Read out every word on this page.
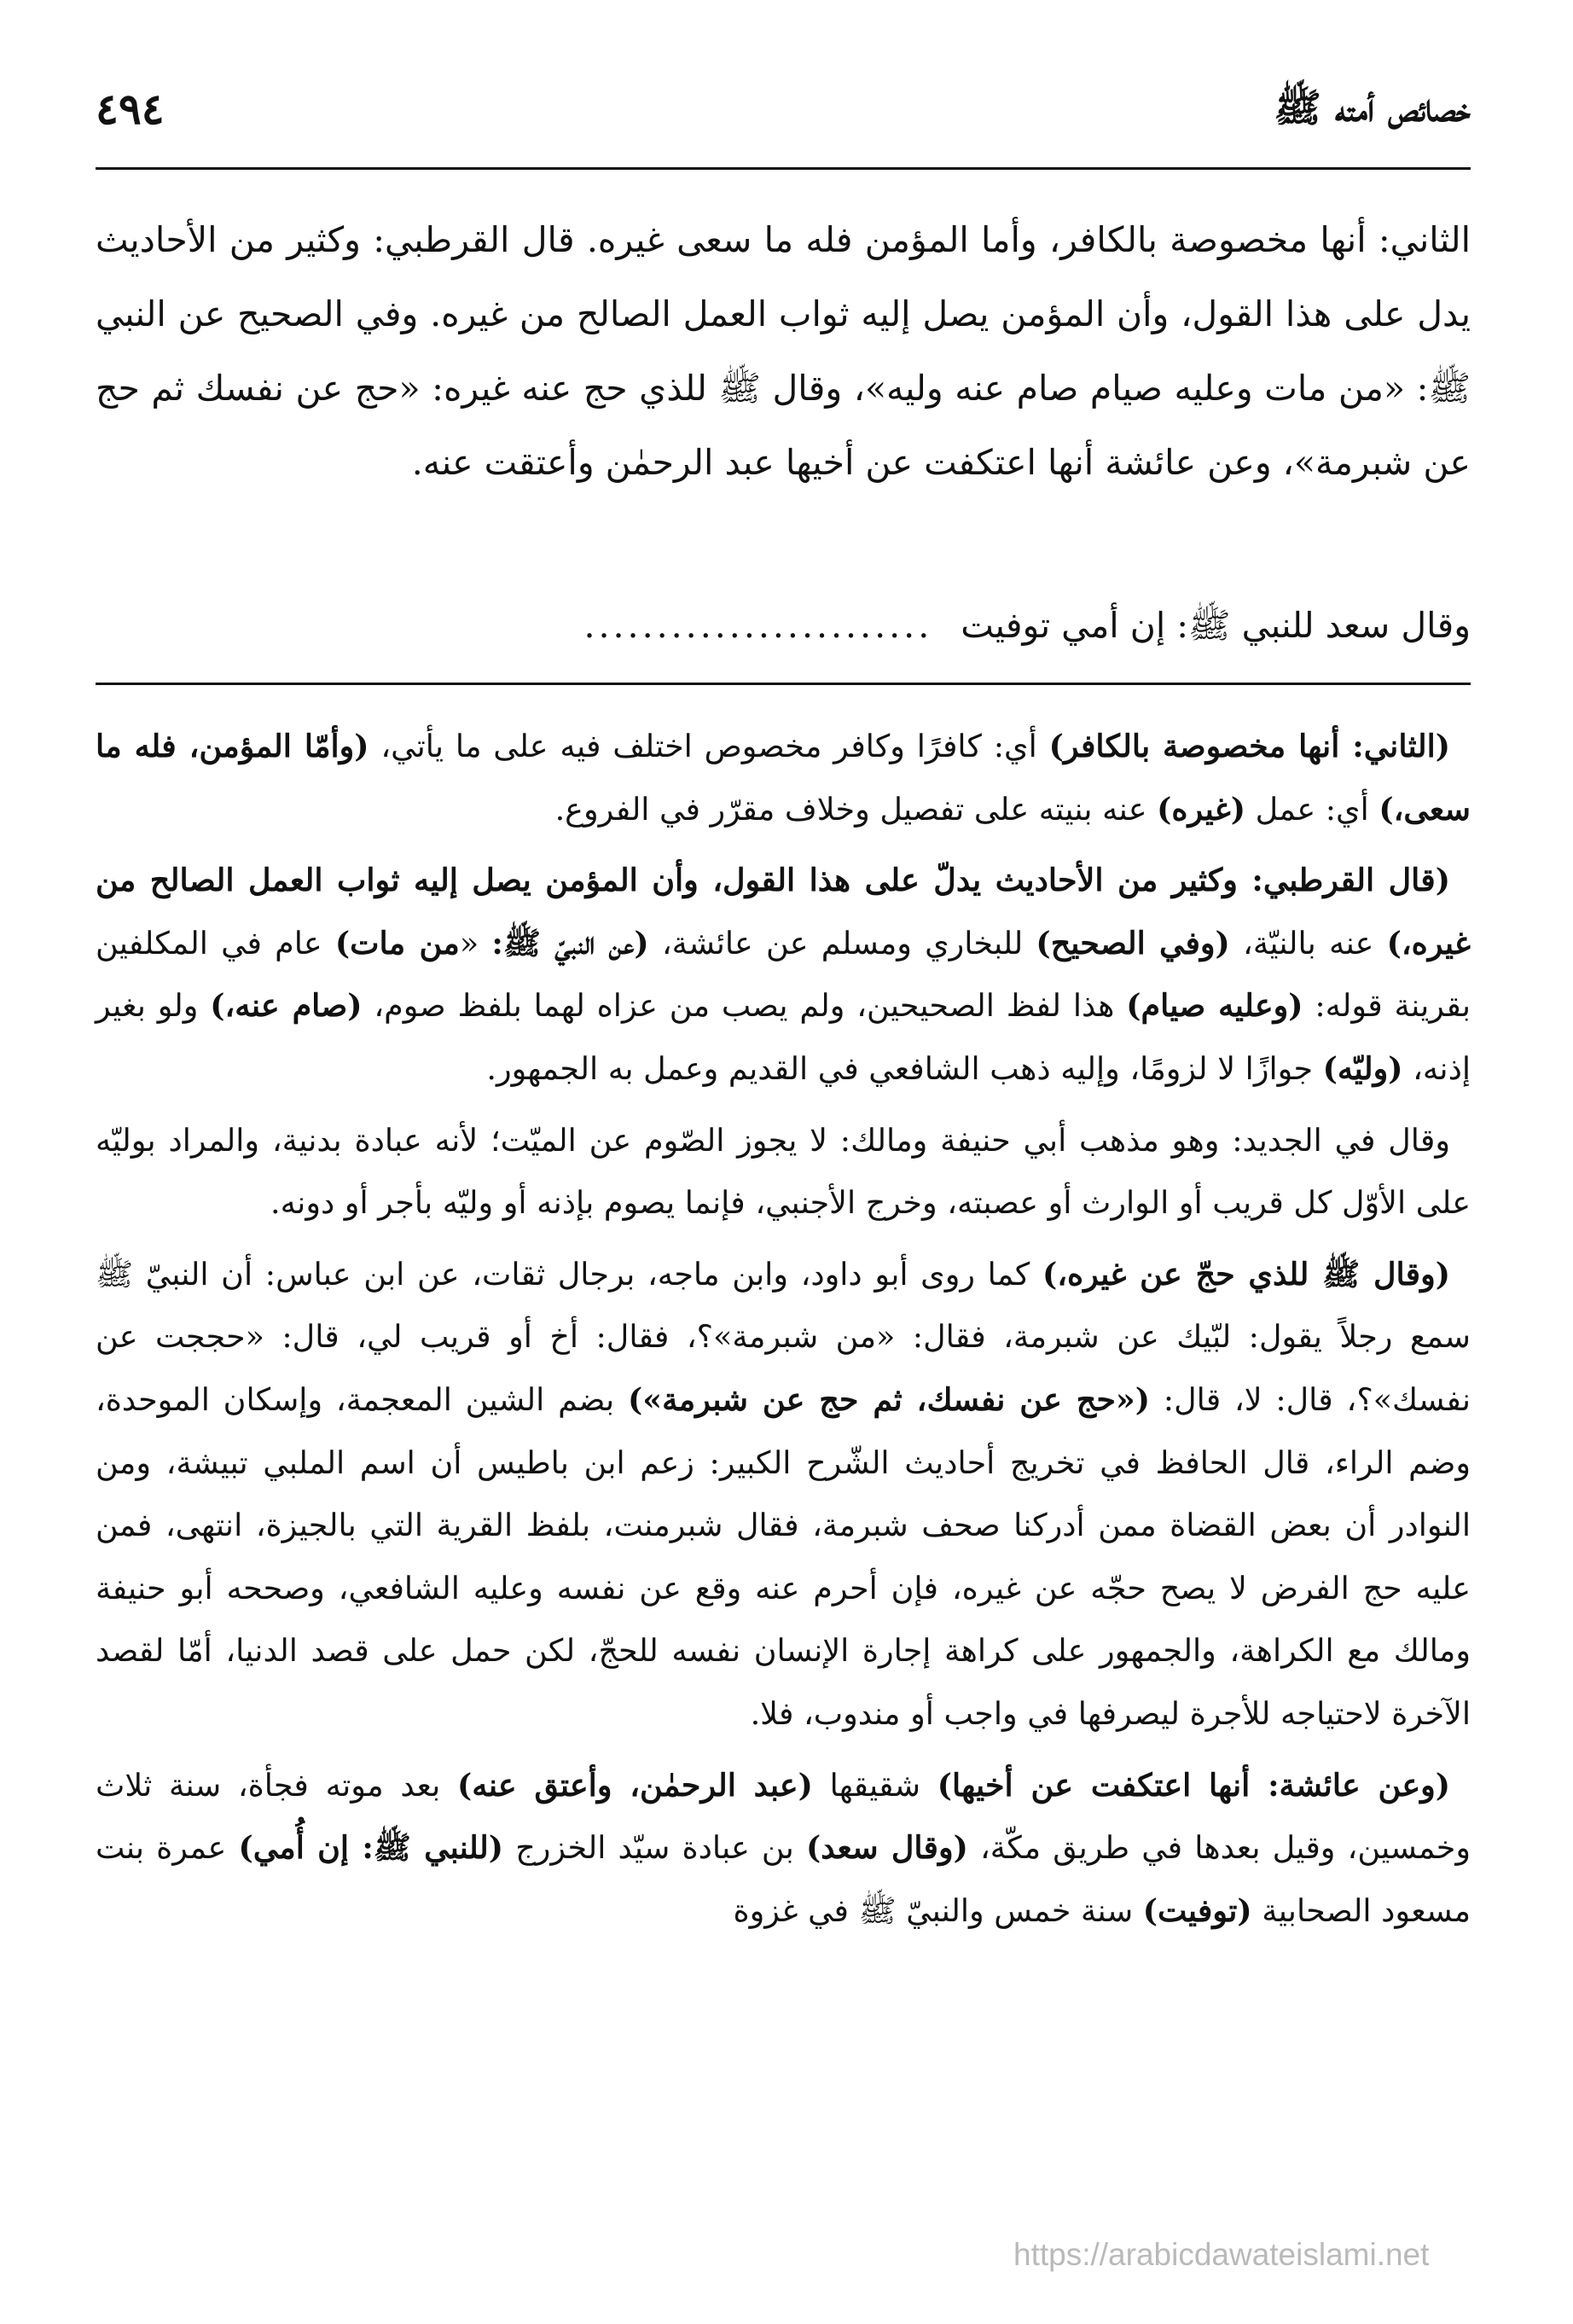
خصائص أمته ﷺ
٤٩٤

الثاني: أنها مخصوصة بالكافر، وأما المؤمن فله ما سعى غيره. قال القرطبي: وكثير من الأحاديث يدل على هذا القول، وأن المؤمن يصل إليه ثواب العمل الصالح من غيره. وفي الصحيح عن النبي ﷺ: «من مات وعليه صيام صام عنه وليه»، وقال ﷺ للذي حج عنه غيره: «حج عن نفسك ثم حج عن شبرمة»، وعن عائشة أنها اعتكفت عن أخيها عبد الرحمٰن وأعتقت عنه.

وقال سعد للنبي ﷺ: إن أمي توفيت ........................

(الثاني: أنها مخصوصة بالكافر) أي: كافرًا وكافر مخصوص اختلف فيه على ما يأتي، (وأمّا المؤمن، فله ما سعى،) أي: عمل (غيره) عنه بنيته على تفصيل وخلاف مقرّر في الفروع.

(قال القرطبي: وكثير من الأحاديث يدلّ على هذا القول، وأن المؤمن يصل إليه ثواب العمل الصالح من غيره،) عنه بالنيّة، (وفي الصحيح) للبخاري ومسلم عن عائشة، (عن النبيّ ﷺ: «من مات) عام في المكلفين بقرينة قوله: (وعليه صيام) هذا لفظ الصحيحين، ولم يصب من عزاه لهما بلفظ صوم، (صام عنه،) ولو بغير إذنه، (وليّه) جوازًا لا لزومًا، وإليه ذهب الشافعي في القديم وعمل به الجمهور.

وقال في الجديد: وهو مذهب أبي حنيفة ومالك: لا يجوز الصّوم عن الميّت؛ لأنه عبادة بدنية، والمراد بوليّه على الأوّل كل قريب أو الوارث أو عصبته، وخرج الأجنبي، فإنما يصوم بإذنه أو وليّه بأجر أو دونه.

(وقال ﷺ للذي حجّ عن غيره،) كما روى أبو داود، وابن ماجه، برجال ثقات، عن ابن عباس: أن النبيّ ﷺ سمع رجلاً يقول: لبّيك عن شبرمة، فقال: «من شبرمة»؟، فقال: أخ أو قريب لي، قال: «حججت عن نفسك»؟، قال: لا، قال: («حج عن نفسك، ثم حج عن شبرمة») بضم الشين المعجمة، وإسكان الموحدة، وضم الراء، قال الحافظ في تخريج أحاديث الشّرح الكبير: زعم ابن باطيس أن اسم الملبي تبيشة، ومن النوادر أن بعض القضاة ممن أدركنا صحف شبرمة، فقال شبرمنت، بلفظ القرية التي بالجيزة، انتهى، فمن عليه حج الفرض لا يصح حجّه عن غيره، فإن أحرم عنه وقع عن نفسه وعليه الشافعي، وصححه أبو حنيفة ومالك مع الكراهة، والجمهور على كراهة إجارة الإنسان نفسه للحجّ، لكن حمل على قصد الدنيا، أمّا لقصد الآخرة لاحتياجه للأجرة ليصرفها في واجب أو مندوب، فلا.

(وعن عائشة: أنها اعتكفت عن أخيها) شقيقها (عبد الرحمٰن، وأعتق عنه) بعد موته فجأة، سنة ثلاث وخمسين، وقيل بعدها في طريق مكّة، (وقال سعد) بن عبادة سيّد الخزرج (للنبي ﷺ: إن أُمي) عمرة بنت مسعود الصحابية (توفيت) سنة خمس والنبيّ ﷺ في غزوة

https://arabicdawateislami.net
